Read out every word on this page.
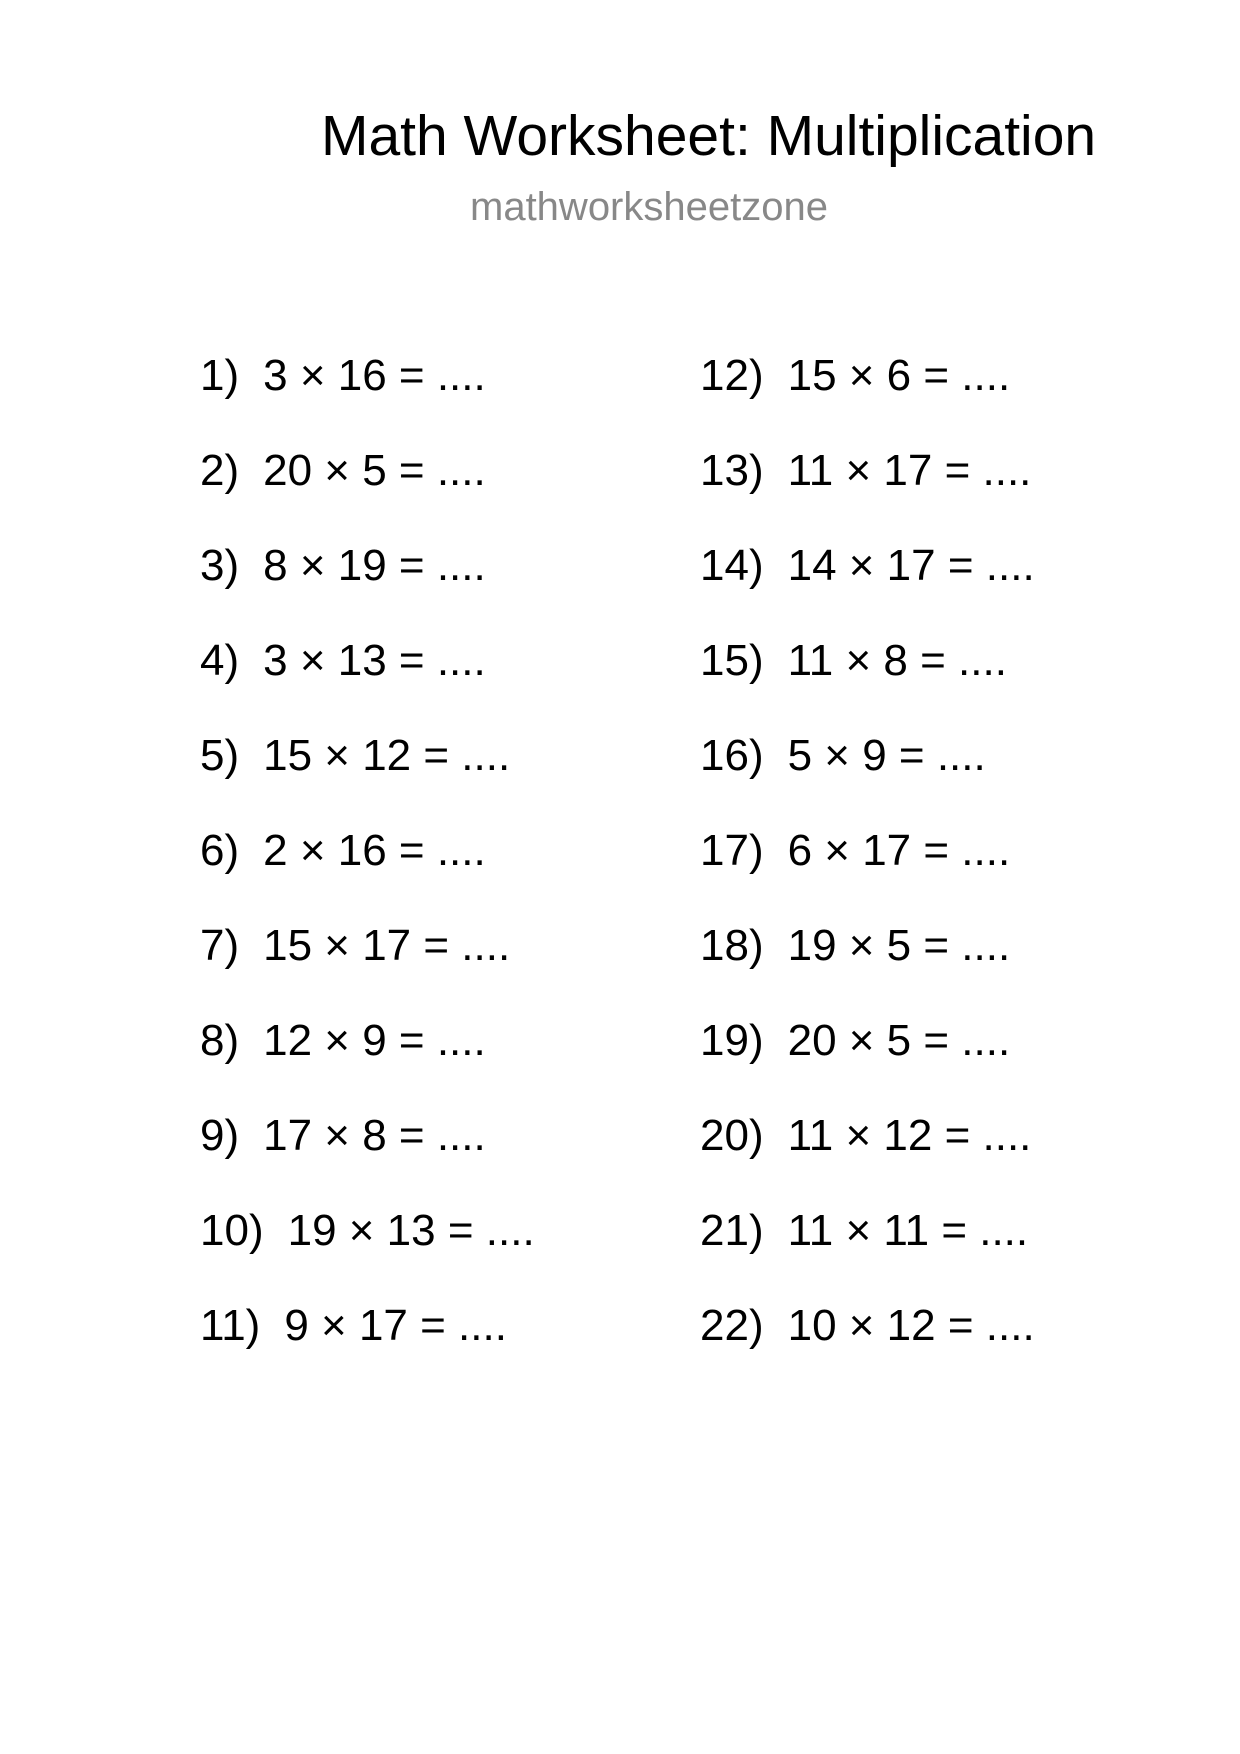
Math Worksheet: Multiplication
mathworksheetzone
1) 3 × 16 = ....
2) 20 × 5 = ....
3) 8 × 19 = ....
4) 3 × 13 = ....
5) 15 × 12 = ....
6) 2 × 16 = ....
7) 15 × 17 = ....
8) 12 × 9 = ....
9) 17 × 8 = ....
10) 19 × 13 = ....
11) 9 × 17 = ....
12) 15 × 6 = ....
13) 11 × 17 = ....
14) 14 × 17 = ....
15) 11 × 8 = ....
16) 5 × 9 = ....
17) 6 × 17 = ....
18) 19 × 5 = ....
19) 20 × 5 = ....
20) 11 × 12 = ....
21) 11 × 11 = ....
22) 10 × 12 = ....
